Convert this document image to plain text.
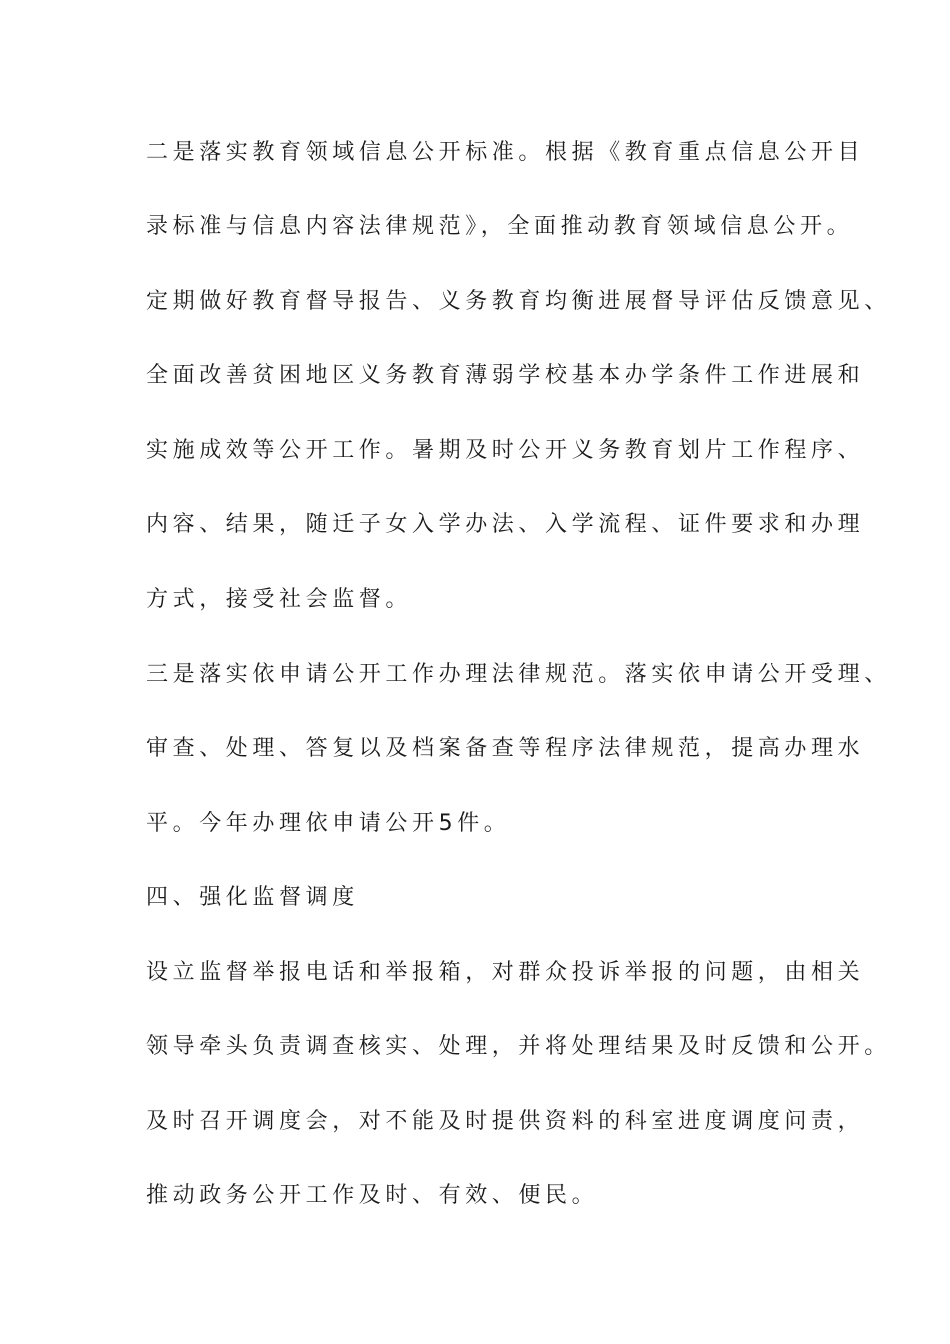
二是落实教育领域信息公开标准。根据《教育重点信息公开目
录标准与信息内容法律规范》，全面推动教育领域信息公开。
定期做好教育督导报告、义务教育均衡进展督导评估反馈意见、
全面改善贫困地区义务教育薄弱学校基本办学条件工作进展和
实施成效等公开工作。暑期及时公开义务教育划片工作程序、
内容、结果，随迁子女入学办法、入学流程、证件要求和办理
方式，接受社会监督。
三是落实依申请公开工作办理法律规范。落实依申请公开受理、
审查、处理、答复以及档案备查等程序法律规范，提高办理水
平。今年办理依申请公开5件。
四、强化监督调度
设立监督举报电话和举报箱，对群众投诉举报的问题，由相关
领导牵头负责调查核实、处理，并将处理结果及时反馈和公开。
及时召开调度会，对不能及时提供资料的科室进度调度问责，
推动政务公开工作及时、有效、便民。
